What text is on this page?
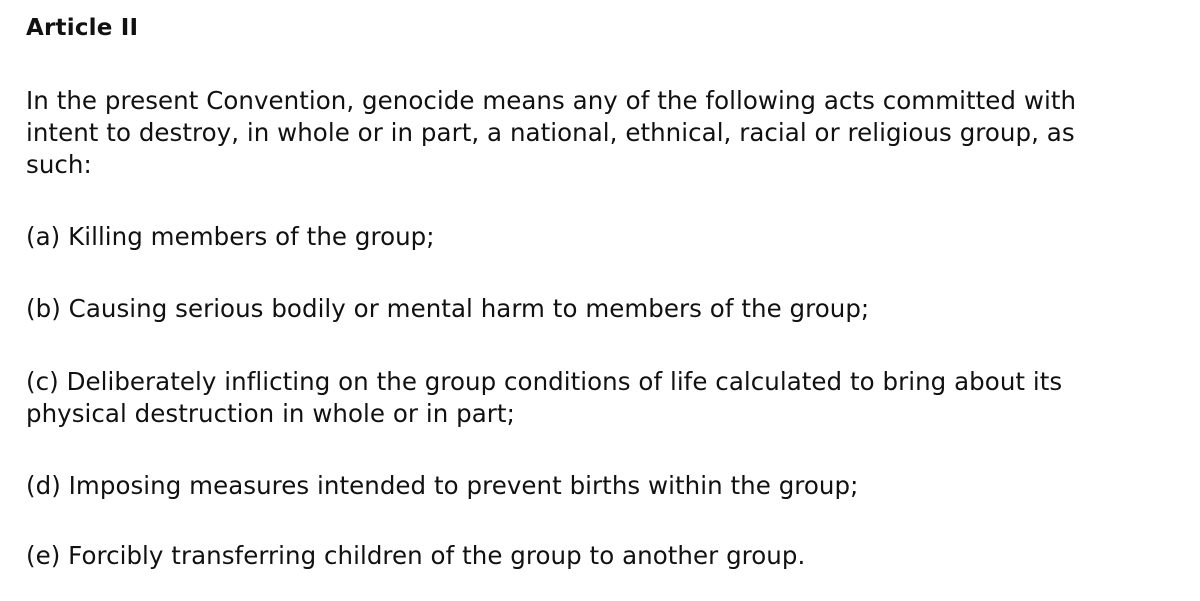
Article II

In the present Convention, genocide means any of the following acts committed with
intent to destroy, in whole or in part, a national, ethnical, racial or religious group, as
such:

(a) Killing members of the group;

(b) Causing serious bodily or mental harm to members of the group;

(c) Deliberately inflicting on the group conditions of life calculated to bring about its
physical destruction in whole or in part;

(d) Imposing measures intended to prevent births within the group;

(e) Forcibly transferring children of the group to another group.
